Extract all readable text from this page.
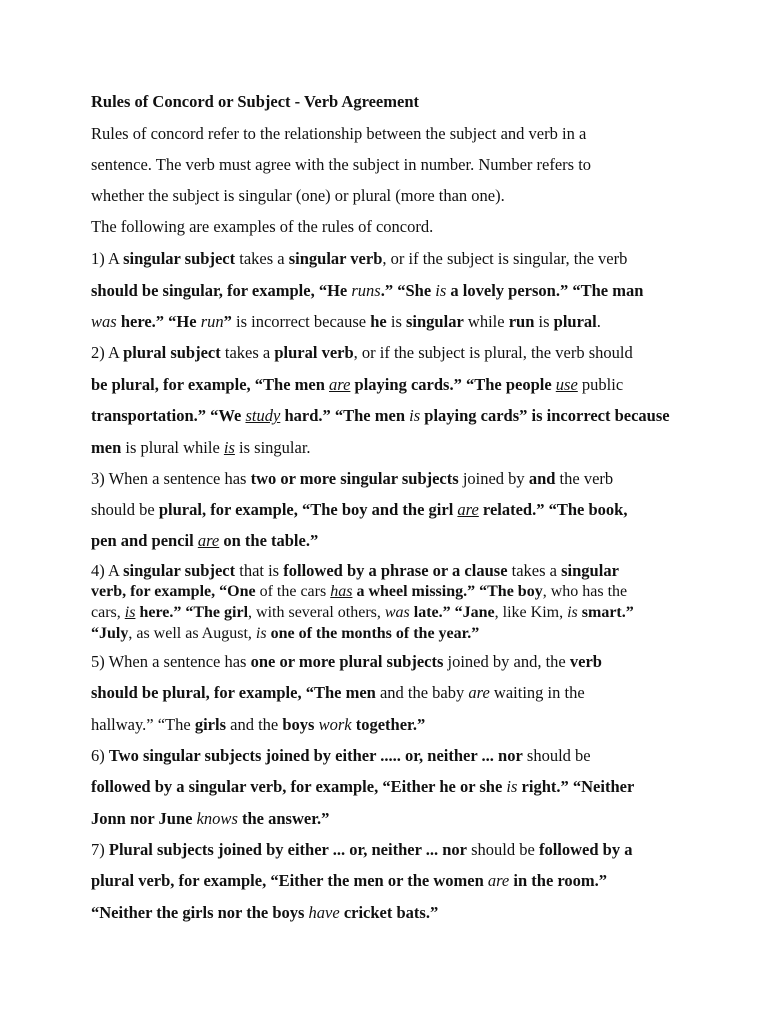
Rules of Concord or Subject - Verb Agreement
Rules of concord refer to the relationship between the subject and verb in a
sentence. The verb must agree with the subject in number. Number refers to
whether the subject is singular (one) or plural (more than one).
The following are examples of the rules of concord.
1) A singular subject takes a singular verb, or if the subject is singular, the verb
should be singular, for example, “He runs.” “She is a lovely person.” “The man
was here.” “He run” is incorrect because he is singular while run is plural.
2) A plural subject takes a plural verb, or if the subject is plural, the verb should
be plural, for example, “The men are playing cards.” “The people use public
transportation.” “We study hard.” “The men is playing cards” is incorrect because
men is plural while is is singular.
3) When a sentence has two or more singular subjects joined by and the verb
should be plural, for example, “The boy and the girl are related.” “The book,
pen and pencil are on the table.”
4) A singular subject that is followed by a phrase or a clause takes a singular
verb, for example, “One of the cars has a wheel missing.” “The boy, who has the
cars, is here.” “The girl, with several others, was late.” “Jane, like Kim, is smart.”
“July, as well as August, is one of the months of the year.”
5) When a sentence has one or more plural subjects joined by and, the verb
should be plural, for example, “The men and the baby are waiting in the
hallway.” “The girls and the boys work together.”
6) Two singular subjects joined by either ..... or, neither ... nor should be
followed by a singular verb, for example, “Either he or she is right.” “Neither
Jonn nor June knows the answer.”
7) Plural subjects joined by either ... or, neither ... nor should be followed by a
plural verb, for example, “Either the men or the women are in the room.”
“Neither the girls nor the boys have cricket bats.”
